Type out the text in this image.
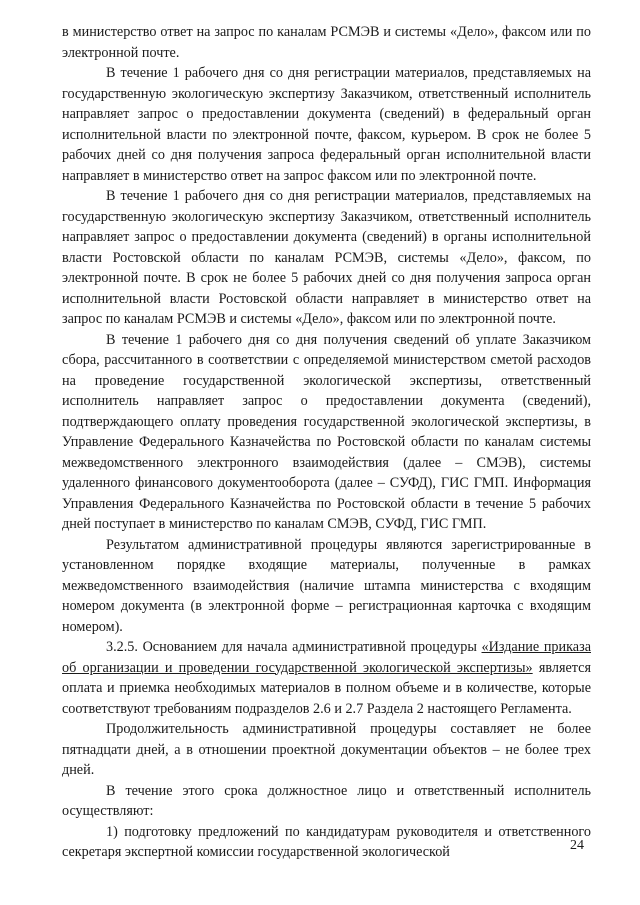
в министерство ответ на запрос по каналам РСМЭВ и системы «Дело», факсом или по электронной почте.

В течение 1 рабочего дня со дня регистрации материалов, представляемых на государственную экологическую экспертизу Заказчиком, ответственный исполнитель направляет запрос о предоставлении документа (сведений) в федеральный орган исполнительной власти по электронной почте, факсом, курьером. В срок не более 5 рабочих дней со дня получения запроса федеральный орган исполнительной власти направляет в министерство ответ на запрос факсом или по электронной почте.

В течение 1 рабочего дня со дня регистрации материалов, представляемых на государственную экологическую экспертизу Заказчиком, ответственный исполнитель направляет запрос о предоставлении документа (сведений) в органы исполнительной власти Ростовской области по каналам РСМЭВ, системы «Дело», факсом, по электронной почте. В срок не более 5 рабочих дней со дня получения запроса орган исполнительной власти Ростовской области направляет в министерство ответ на запрос по каналам РСМЭВ и системы «Дело», факсом или по электронной почте.

В течение 1 рабочего дня со дня получения сведений об уплате Заказчиком сбора, рассчитанного в соответствии с определяемой министерством сметой расходов на проведение государственной экологической экспертизы, ответственный исполнитель направляет запрос о предоставлении документа (сведений), подтверждающего оплату проведения государственной экологической экспертизы, в Управление Федерального Казначейства по Ростовской области по каналам системы межведомственного электронного взаимодействия (далее – СМЭВ), системы удаленного финансового документооборота (далее – СУФД), ГИС ГМП. Информация Управления Федерального Казначейства по Ростовской области в течение 5 рабочих дней поступает в министерство по каналам СМЭВ, СУФД, ГИС ГМП.

Результатом административной процедуры являются зарегистрированные в установленном порядке входящие материалы, полученные в рамках межведомственного взаимодействия (наличие штампа министерства с входящим номером документа (в электронной форме – регистрационная карточка с входящим номером).

3.2.5. Основанием для начала административной процедуры «Издание приказа об организации и проведении государственной экологической экспертизы» является оплата и приемка необходимых материалов в полном объеме и в количестве, которые соответствуют требованиям подразделов 2.6 и 2.7 Раздела 2 настоящего Регламента.

Продолжительность административной процедуры составляет не более пятнадцати дней, а в отношении проектной документации объектов – не более трех дней.

В течение этого срока должностное лицо и ответственный исполнитель осуществляют:

1) подготовку предложений по кандидатурам руководителя и ответственного секретаря экспертной комиссии государственной экологической	24
